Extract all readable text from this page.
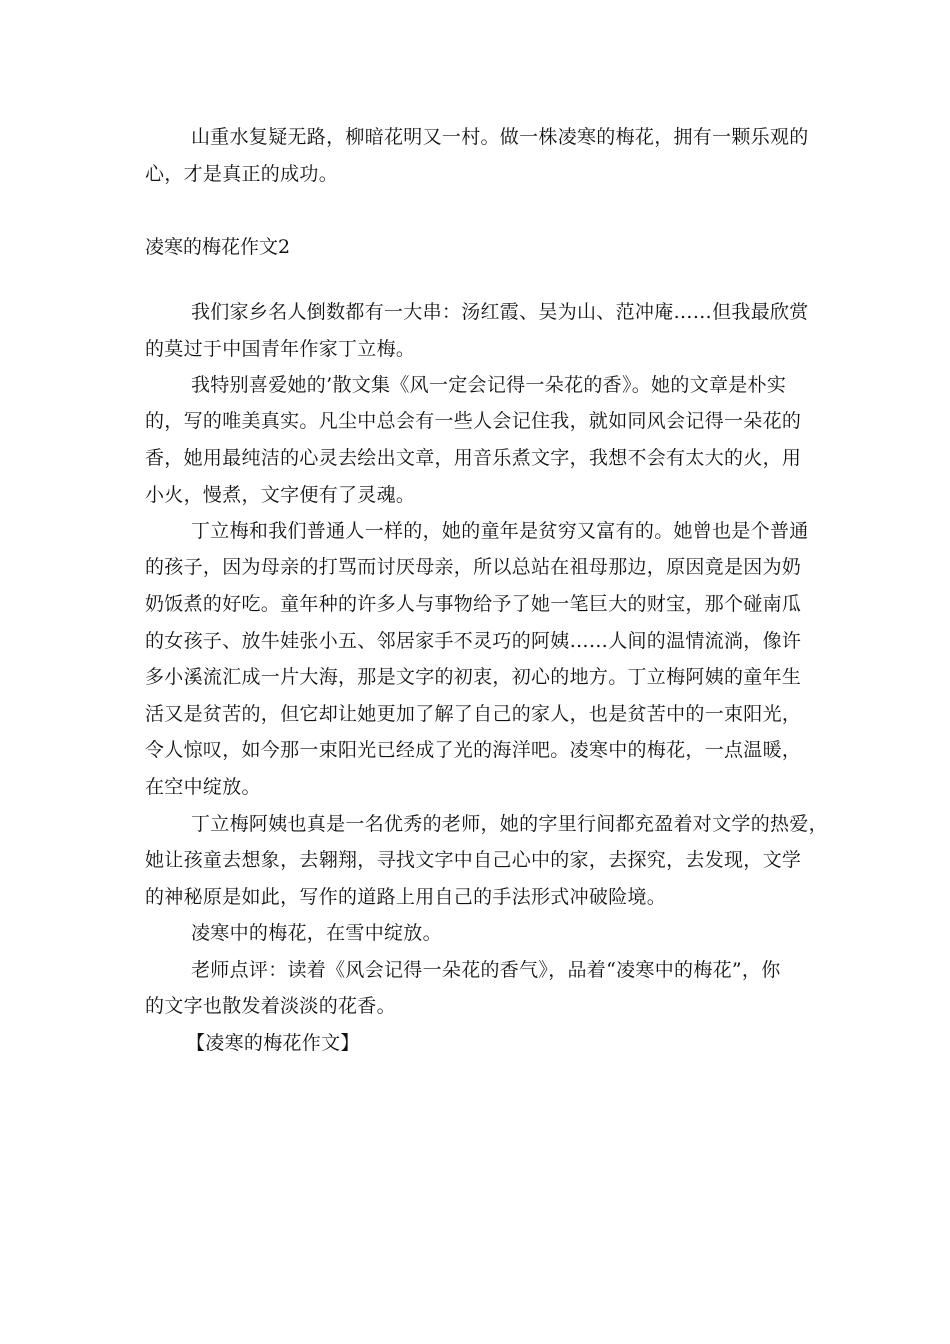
山重水复疑无路，柳暗花明又一村。做一株凌寒的梅花，拥有一颗乐观的
心，才是真正的成功。
凌寒的梅花作文2
我们家乡名人倒数都有一大串：汤红霞、吴为山、范冲庵……但我最欣赏
的莫过于中国青年作家丁立梅。
我特别喜爱她的’散文集《风一定会记得一朵花的香》。她的文章是朴实
的，写的唯美真实。凡尘中总会有一些人会记住我，就如同风会记得一朵花的
香，她用最纯洁的心灵去绘出文章，用音乐煮文字，我想不会有太大的火，用
小火，慢煮，文字便有了灵魂。
丁立梅和我们普通人一样的，她的童年是贫穷又富有的。她曾也是个普通
的孩子，因为母亲的打骂而讨厌母亲，所以总站在祖母那边，原因竟是因为奶
奶饭煮的好吃。童年种的许多人与事物给予了她一笔巨大的财宝，那个碰南瓜
的女孩子、放牛娃张小五、邻居家手不灵巧的阿姨……人间的温情流淌，像许
多小溪流汇成一片大海，那是文字的初衷，初心的地方。丁立梅阿姨的童年生
活又是贫苦的，但它却让她更加了解了自己的家人，也是贫苦中的一束阳光，
令人惊叹，如今那一束阳光已经成了光的海洋吧。凌寒中的梅花，一点温暖，
在空中绽放。
丁立梅阿姨也真是一名优秀的老师，她的字里行间都充盈着对文学的热爱，
她让孩童去想象，去翱翔，寻找文字中自己心中的家，去探究，去发现，文学
的神秘原是如此，写作的道路上用自己的手法形式冲破险境。
凌寒中的梅花，在雪中绽放。
老师点评：读着《风会记得一朵花的香气》，品着“凌寒中的梅花”，你
的文字也散发着淡淡的花香。
【凌寒的梅花作文】
